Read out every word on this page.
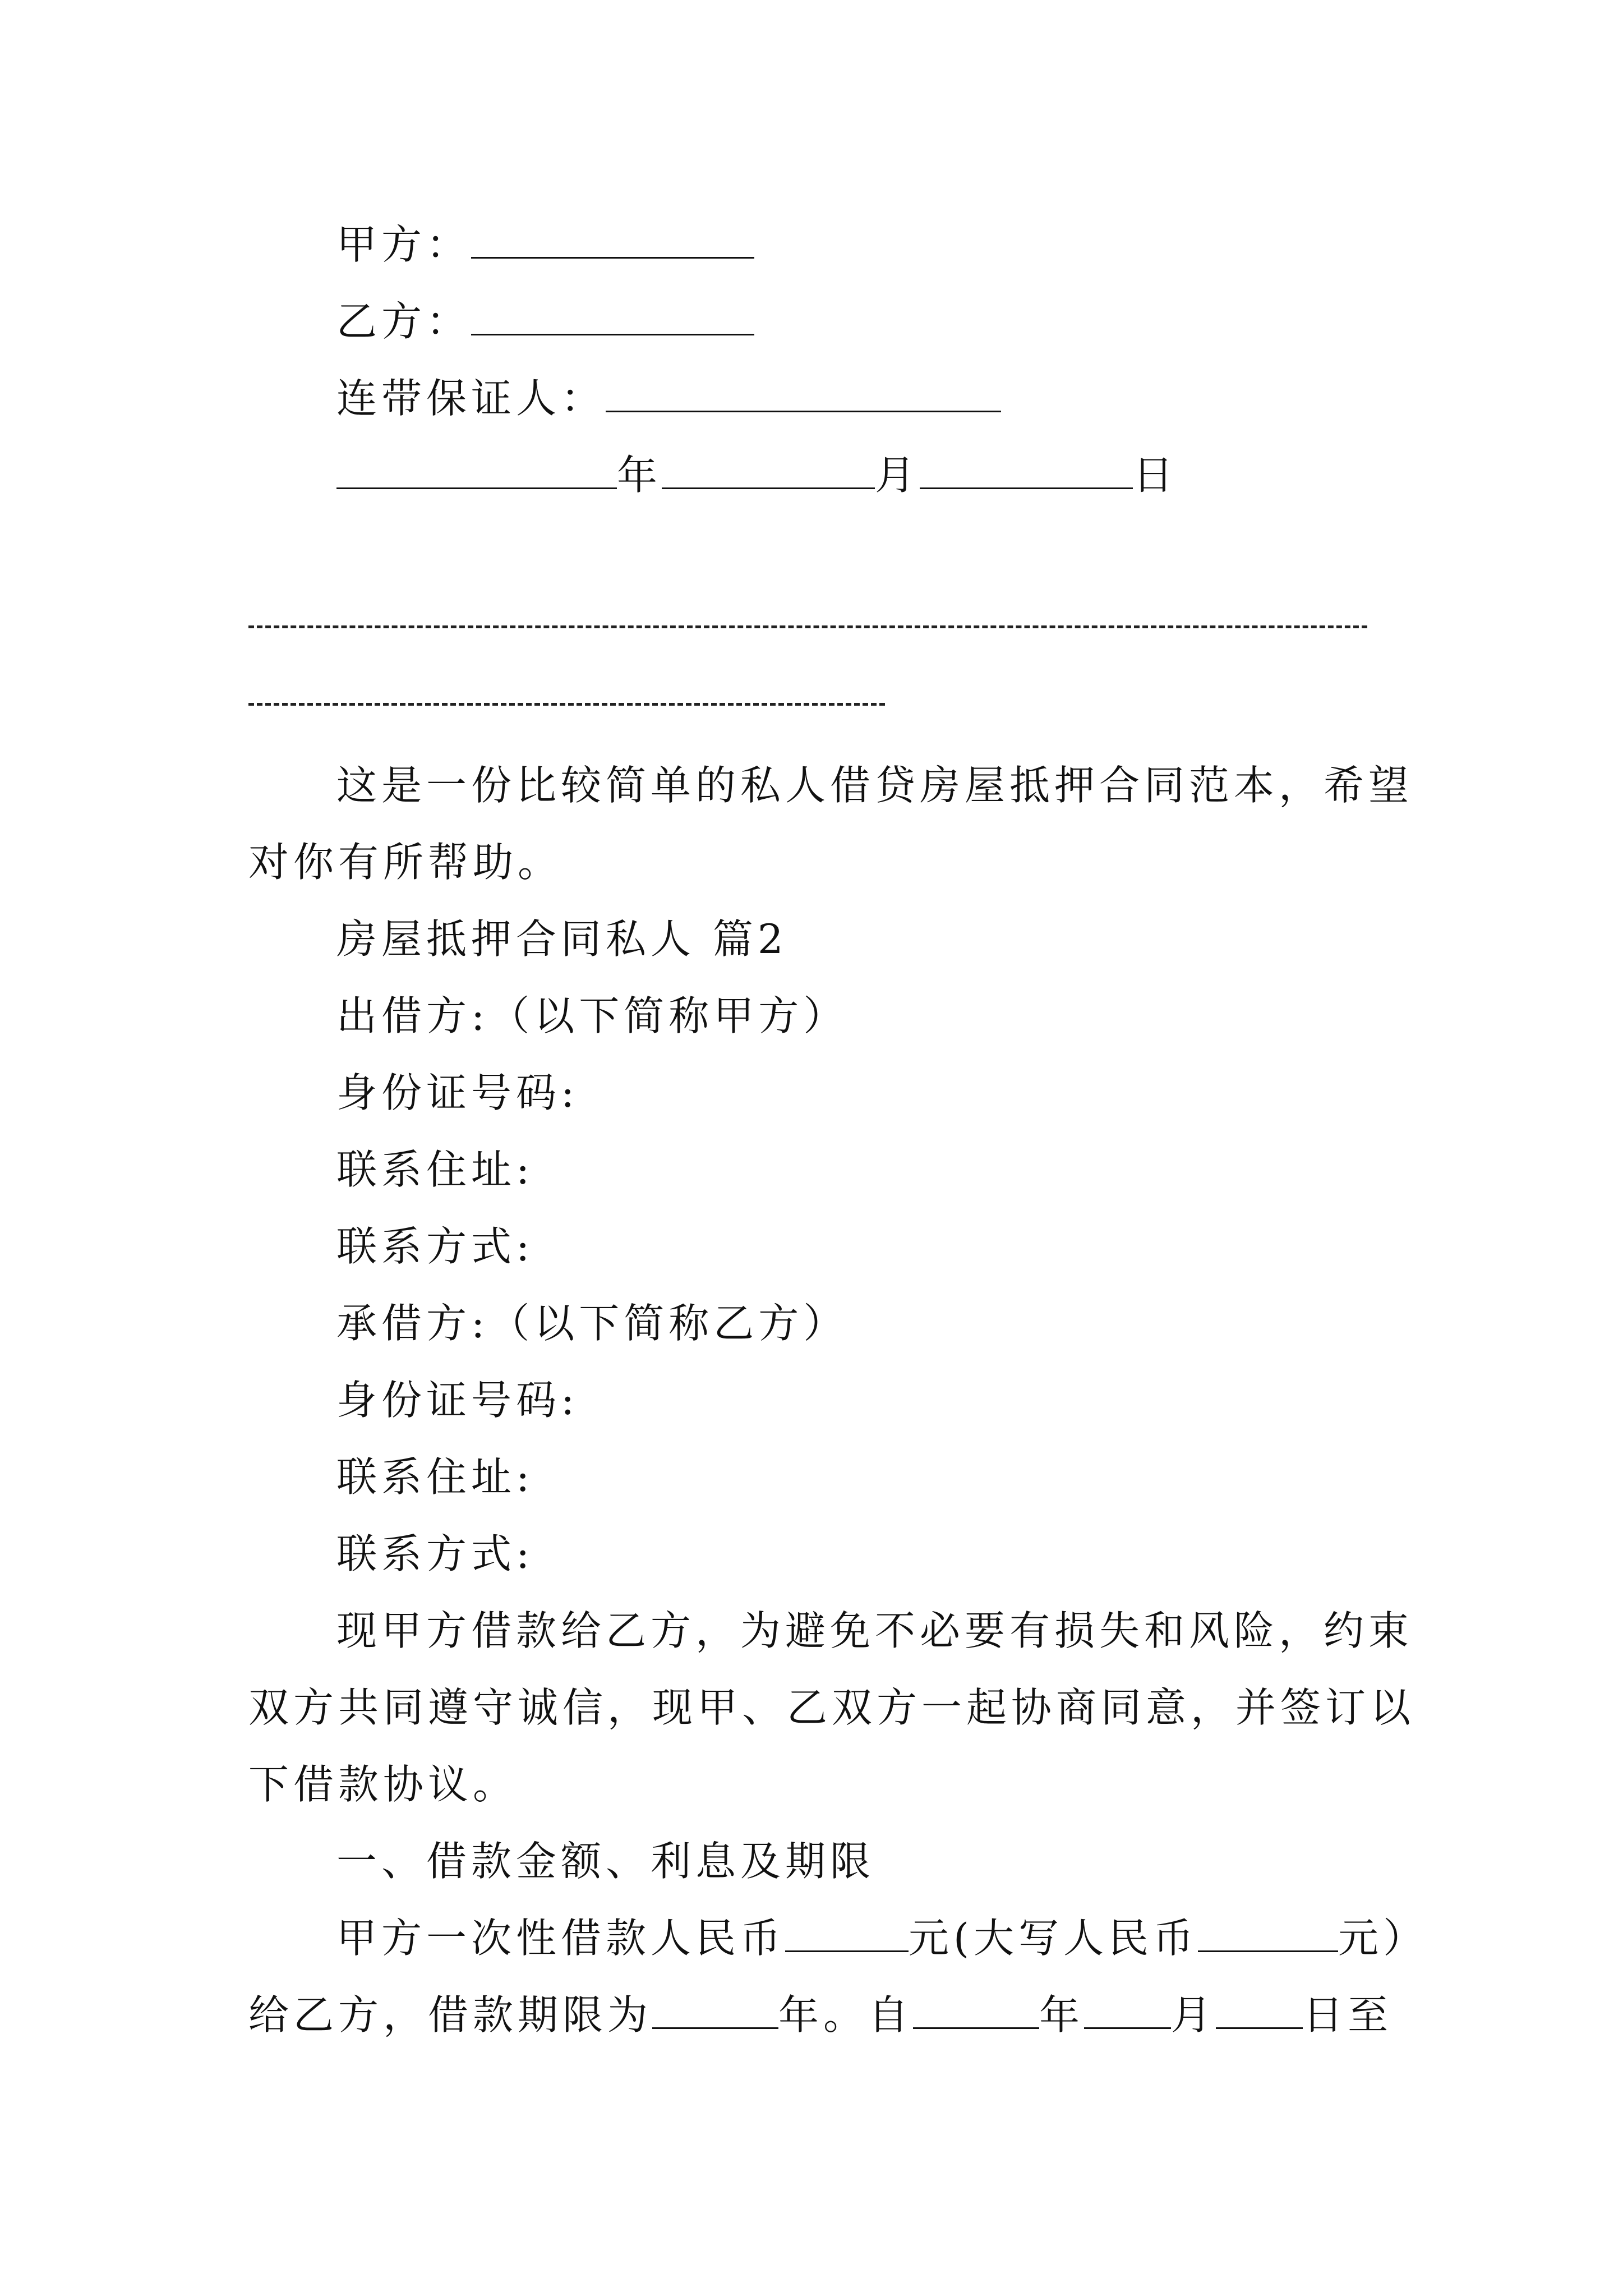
甲方：
乙方：
连带保证人：
年	月	日
这是一份比较简单的私人借贷房屋抵押合同范本，希望
对你有所帮助。
房屋抵押合同私人 篇2
出借方:（以下简称甲方）
身份证号码:
联系住址:
联系方式:
承借方:（以下简称乙方）
身份证号码:
联系住址:
联系方式:
现甲方借款给乙方，为避免不必要有损失和风险，约束
双方共同遵守诚信，现甲、乙双方一起协商同意，并签订以
下借款协议。
一、借款金额、利息及期限
甲方一次性借款人民币	元(大写人民币	元）
给乙方，借款期限为	年。自	年 月 日至
